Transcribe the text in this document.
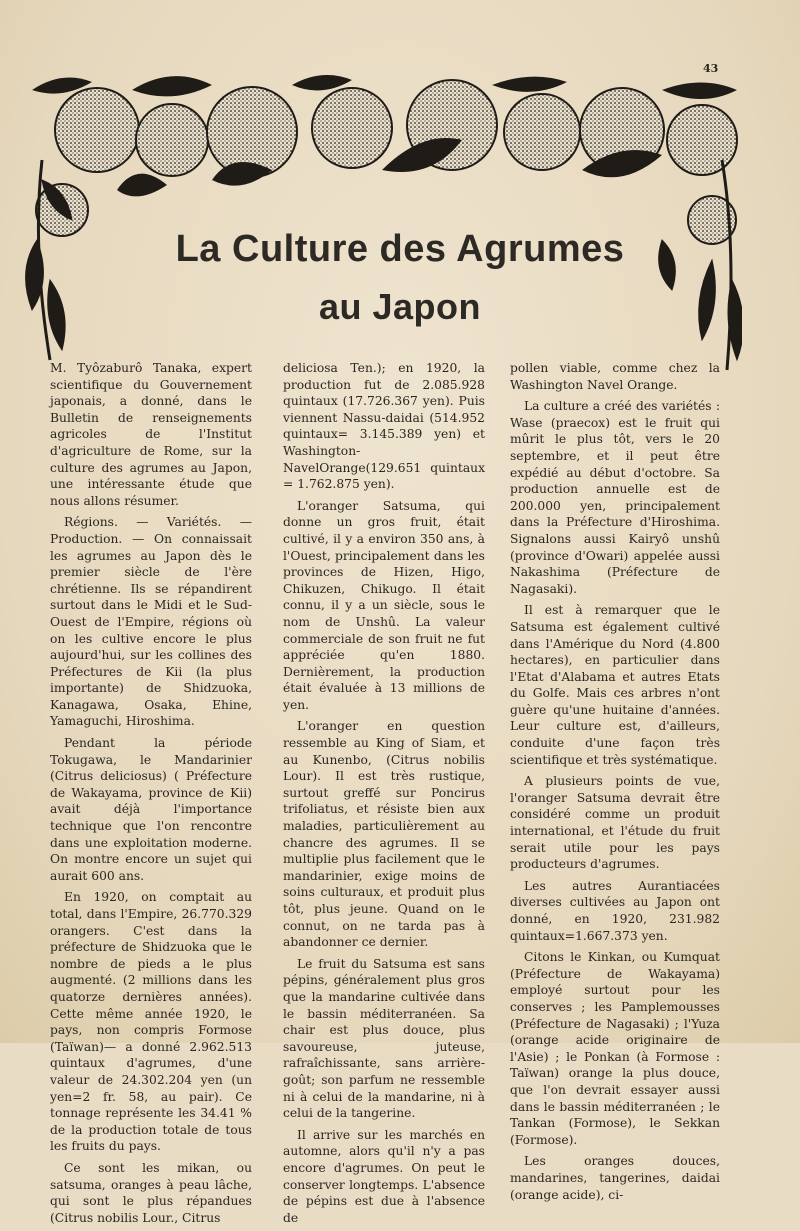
43
La Culture des Agrumes
au Japon

M. Tyôzaburô Tanaka, expert scientifique du Gouvernement japonais, a donné, dans le Bulletin de renseignements agricoles de l'Institut d'agriculture de Rome, sur la culture des agrumes au Japon, une intéressante étude que nous allons résumer.

Régions. — Variétés. — Production. — On connaissait les agrumes au Japon dès le premier siècle de l'ère chrétienne. Ils se répandirent surtout dans le Midi et le Sud-Ouest de l'Empire, régions où on les cultive encore le plus aujourd'hui, sur les collines des Préfectures de Kii (la plus importante) de Shidzuoka, Kanagawa, Osaka, Ehine, Yamaguchi, Hiroshima.

Pendant la période Tokugawa, le Mandarinier (Citrus deliciosus) ( Préfecture de Wakayama, province de Kii) avait déjà l'importance technique que l'on rencontre dans une exploitation moderne. On montre encore un sujet qui aurait 600 ans.

En 1920, on comptait au total, dans l'Empire, 26.770.329 orangers. C'est dans la préfecture de Shidzuoka que le nombre de pieds a le plus augmenté. (2 millions dans les quatorze dernières années). Cette même année 1920, le pays, non compris Formose (Taïwan)— a donné 2.962.513 quintaux d'agrumes, d'une valeur de 24.302.204 yen (un yen=2 fr. 58, au pair). Ce tonnage représente les 34.41 % de la production totale de tous les fruits du pays.

Ce sont les mikan, ou satsuma, oranges à peau lâche, qui sont le plus répandues (Citrus nobilis Lour., Citrus

deliciosa Ten.); en 1920, la production fut de 2.085.928 quintaux (17.726.367 yen). Puis viennent Nassu-daidai (514.952 quintaux= 3.145.389 yen) et Washington-NavelOrange(129.651 quintaux = 1.762.875 yen).

L'oranger Satsuma, qui donne un gros fruit, était cultivé, il y a environ 350 ans, à l'Ouest, principalement dans les provinces de Hizen, Higo, Chikuzen, Chikugo. Il était connu, il y a un siècle, sous le nom de Unshû. La valeur commerciale de son fruit ne fut appréciée qu'en 1880. Dernièrement, la production était évaluée à 13 millions de yen.

L'oranger en question ressemble au King of Siam, et au Kunenbo, (Citrus nobilis Lour). Il est très rustique, surtout greffé sur Poncirus trifoliatus, et résiste bien aux maladies, particulièrement au chancre des agrumes. Il se multiplie plus facilement que le mandarinier, exige moins de soins culturaux, et produit plus tôt, plus jeune. Quand on le connut, on ne tarda pas à abandonner ce dernier.

Le fruit du Satsuma est sans pépins, généralement plus gros que la mandarine cultivée dans le bassin méditerranéen. Sa chair est plus douce, plus savoureuse, juteuse, rafraîchissante, sans arrière-goût; son parfum ne ressemble ni à celui de la mandarine, ni à celui de la tangerine.

Il arrive sur les marchés en automne, alors qu'il n'y a pas encore d'agrumes. On peut le conserver longtemps. L'absence de pépins est due à l'absence de

pollen viable, comme chez la Washington Navel Orange.

La culture a créé des variétés : Wase (praecox) est le fruit qui mûrit le plus tôt, vers le 20 septembre, et il peut être expédié au début d'octobre. Sa production annuelle est de 200.000 yen, principalement dans la Préfecture d'Hiroshima. Signalons aussi Kairyô unshû (province d'Owari) appelée aussi Nakashima (Préfecture de Nagasaki).

Il est à remarquer que le Satsuma est également cultivé dans l'Amérique du Nord (4.800 hectares), en particulier dans l'Etat d'Alabama et autres Etats du Golfe. Mais ces arbres n'ont guère qu'une huitaine d'années. Leur culture est, d'ailleurs, conduite d'une façon très scientifique et très systématique.

A plusieurs points de vue, l'oranger Satsuma devrait être considéré comme un produit international, et l'étude du fruit serait utile pour les pays producteurs d'agrumes.

Les autres Aurantiacées diverses cultivées au Japon ont donné, en 1920, 231.982 quintaux=1.667.373 yen.

Citons le Kinkan, ou Kumquat (Préfecture de Wakayama) employé surtout pour les conserves ; les Pamplemousses (Préfecture de Nagasaki) ; l'Yuza (orange acide originaire de l'Asie) ; le Ponkan (à Formose : Taïwan) orange la plus douce, que l'on devrait essayer aussi dans le bassin méditerranéen ; le Tankan (Formose), le Sekkan (Formose).

Les oranges douces, mandarines, tangerines, daidai (orange acide), ci-
